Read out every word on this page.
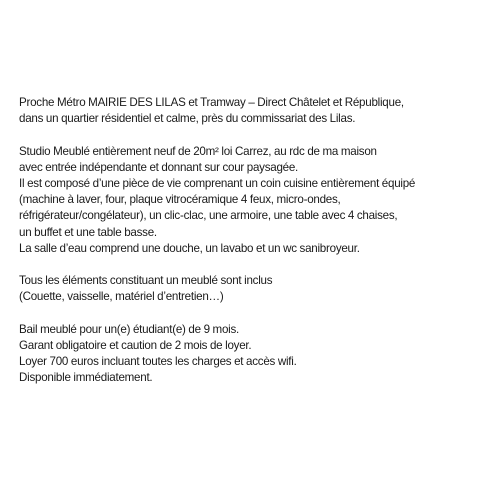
Proche Métro MAIRIE DES LILAS et Tramway – Direct Châtelet et République,
dans un quartier résidentiel et calme, près du commissariat des Lilas.

Studio Meublé entièrement neuf de 20m² loi Carrez, au rdc de ma maison
avec entrée indépendante et donnant sur cour paysagée.
Il est composé d’une pièce de vie comprenant un coin cuisine entièrement équipé
(machine à laver, four, plaque vitrocéramique 4 feux, micro-ondes,
réfrigérateur/congélateur), un clic-clac, une armoire, une table avec 4 chaises,
un buffet et une table basse.
La salle d’eau comprend une douche, un lavabo et un wc sanibroyeur.

Tous les éléments constituant un meublé sont inclus
(Couette, vaisselle, matériel d’entretien…)

Bail meublé pour un(e) étudiant(e) de 9 mois.
Garant obligatoire et caution de 2 mois de loyer.
Loyer 700 euros incluant toutes les charges et accès wifi.
Disponible immédiatement.
